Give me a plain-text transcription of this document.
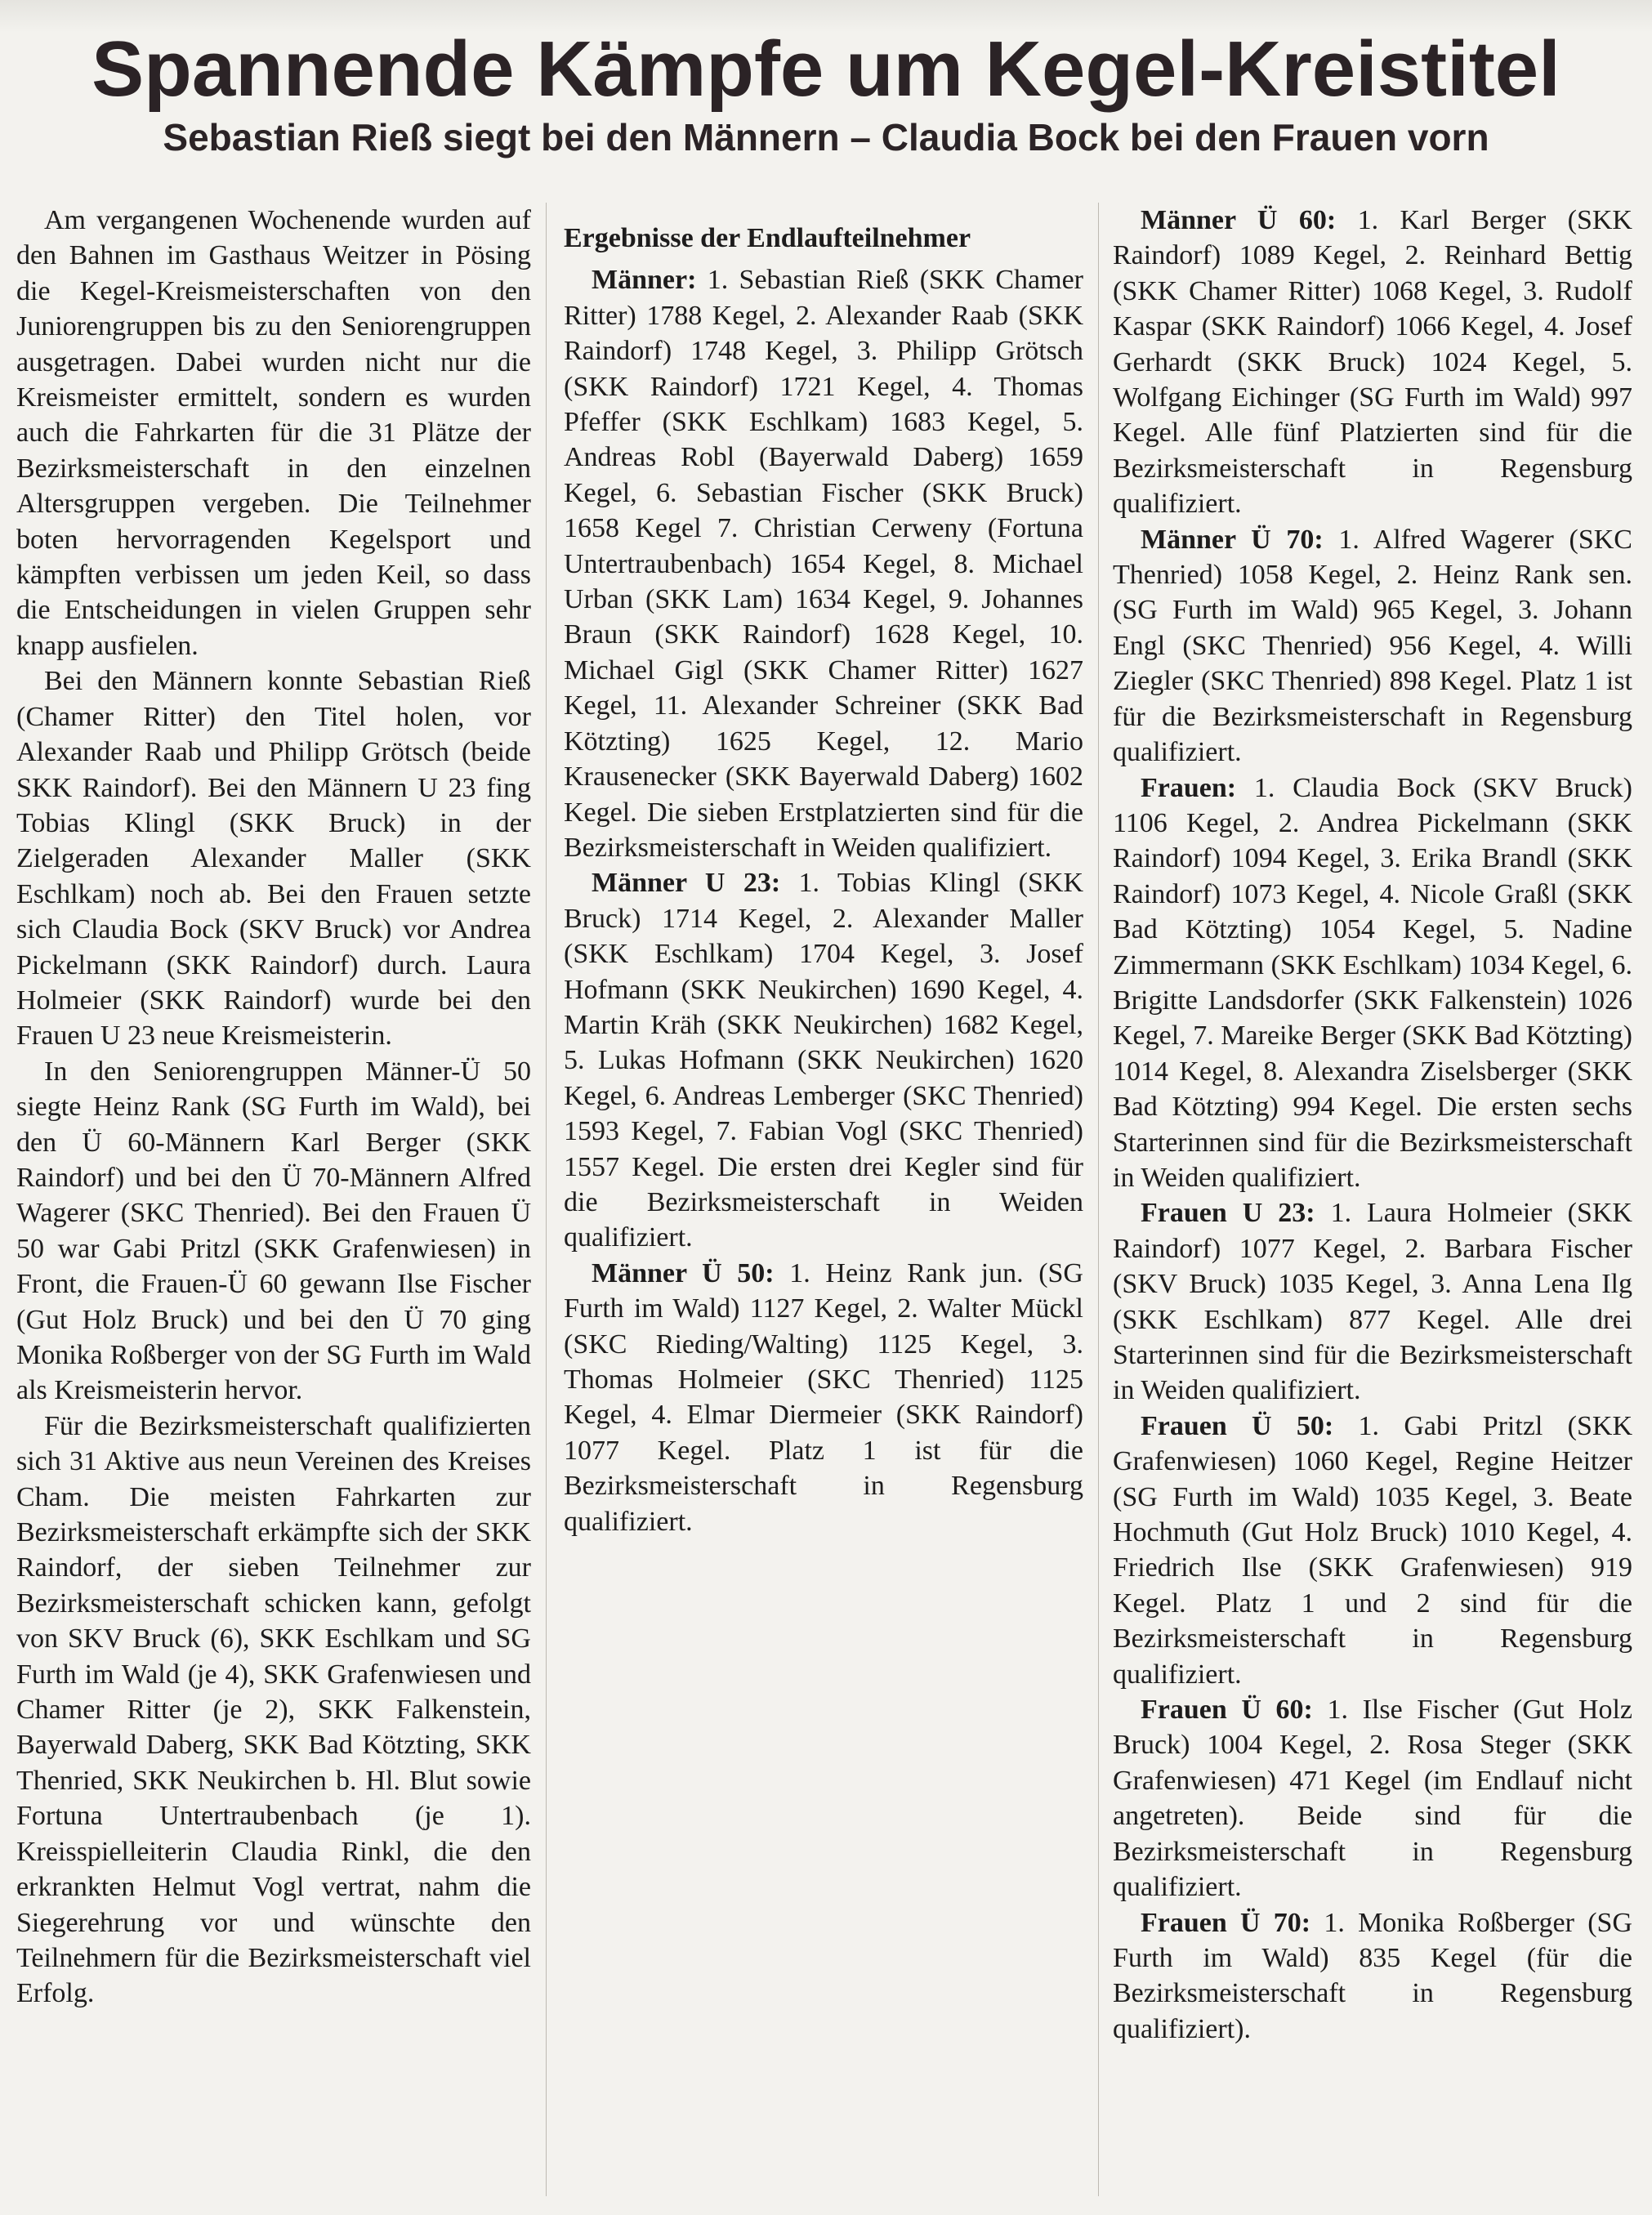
Spannende Kämpfe um Kegel-Kreistitel
Sebastian Rieß siegt bei den Männern – Claudia Bock bei den Frauen vorn

Am vergangenen Wochenende wurden auf den Bahnen im Gasthaus Weitzer in Pösing die Kegel-Kreismeisterschaften von den Juniorengruppen bis zu den Seniorengruppen ausgetragen. Dabei wurden nicht nur die Kreismeister ermittelt, sondern es wurden auch die Fahrkarten für die 31 Plätze der Bezirksmeisterschaft in den einzelnen Altersgruppen vergeben. Die Teilnehmer boten hervorragenden Kegelsport und kämpften verbissen um jeden Keil, so dass die Entscheidungen in vielen Gruppen sehr knapp ausfielen.

Bei den Männern konnte Sebastian Rieß (Chamer Ritter) den Titel holen, vor Alexander Raab und Philipp Grötsch (beide SKK Raindorf). Bei den Männern U 23 fing Tobias Klingl (SKK Bruck) in der Zielgeraden Alexander Maller (SKK Eschlkam) noch ab. Bei den Frauen setzte sich Claudia Bock (SKV Bruck) vor Andrea Pickelmann (SKK Raindorf) durch. Laura Holmeier (SKK Raindorf) wurde bei den Frauen U 23 neue Kreismeisterin.

In den Seniorengruppen Männer-Ü 50 siegte Heinz Rank (SG Furth im Wald), bei den Ü 60-Männern Karl Berger (SKK Raindorf) und bei den Ü 70-Männern Alfred Wagerer (SKC Thenried). Bei den Frauen Ü 50 war Gabi Pritzl (SKK Grafenwiesen) in Front, die Frauen-Ü 60 gewann Ilse Fischer (Gut Holz Bruck) und bei den Ü 70 ging Monika Roßberger von der SG Furth im Wald als Kreismeisterin hervor.

Für die Bezirksmeisterschaft qualifizierten sich 31 Aktive aus neun Vereinen des Kreises Cham. Die meisten Fahrkarten zur Bezirksmeisterschaft erkämpfte sich der SKK Raindorf, der sieben Teilnehmer zur Bezirksmeisterschaft schicken kann, gefolgt von SKV Bruck (6), SKK Eschlkam und SG Furth im Wald (je 4), SKK Grafenwiesen und Chamer Ritter (je 2), SKK Falkenstein, Bayerwald Daberg, SKK Bad Kötzting, SKK Thenried, SKK Neukirchen b. Hl. Blut sowie Fortuna Untertraubenbach (je 1). Kreisspielleiterin Claudia Rinkl, die den erkrankten Helmut Vogl vertrat, nahm die Siegerehrung vor und wünschte den Teilnehmern für die Bezirksmeisterschaft viel Erfolg.

Ergebnisse der Endlaufteilnehmer

Männer: 1. Sebastian Rieß (SKK Chamer Ritter) 1788 Kegel, 2. Alexander Raab (SKK Raindorf) 1748 Kegel, 3. Philipp Grötsch (SKK Raindorf) 1721 Kegel, 4. Thomas Pfeffer (SKK Eschlkam) 1683 Kegel, 5. Andreas Robl (Bayerwald Daberg) 1659 Kegel, 6. Sebastian Fischer (SKK Bruck) 1658 Kegel 7. Christian Cerweny (Fortuna Untertraubenbach) 1654 Kegel, 8. Michael Urban (SKK Lam) 1634 Kegel, 9. Johannes Braun (SKK Raindorf) 1628 Kegel, 10. Michael Gigl (SKK Chamer Ritter) 1627 Kegel, 11. Alexander Schreiner (SKK Bad Kötzting) 1625 Kegel, 12. Mario Krausenecker (SKK Bayerwald Daberg) 1602 Kegel. Die sieben Erstplatzierten sind für die Bezirksmeisterschaft in Weiden qualifiziert.

Männer U 23: 1. Tobias Klingl (SKK Bruck) 1714 Kegel, 2. Alexander Maller (SKK Eschlkam) 1704 Kegel, 3. Josef Hofmann (SKK Neukirchen) 1690 Kegel, 4. Martin Kräh (SKK Neukirchen) 1682 Kegel, 5. Lukas Hofmann (SKK Neukirchen) 1620 Kegel, 6. Andreas Lemberger (SKC Thenried) 1593 Kegel, 7. Fabian Vogl (SKC Thenried) 1557 Kegel. Die ersten drei Kegler sind für die Bezirksmeisterschaft in Weiden qualifiziert.

Männer Ü 50: 1. Heinz Rank jun. (SG Furth im Wald) 1127 Kegel, 2. Walter Mückl (SKC Rieding/Walting) 1125 Kegel, 3. Thomas Holmeier (SKC Thenried) 1125 Kegel, 4. Elmar Diermeier (SKK Raindorf) 1077 Kegel. Platz 1 ist für die Bezirksmeisterschaft in Regensburg qualifiziert.

Männer Ü 60: 1. Karl Berger (SKK Raindorf) 1089 Kegel, 2. Reinhard Bettig (SKK Chamer Ritter) 1068 Kegel, 3. Rudolf Kaspar (SKK Raindorf) 1066 Kegel, 4. Josef Gerhardt (SKK Bruck) 1024 Kegel, 5. Wolfgang Eichinger (SG Furth im Wald) 997 Kegel. Alle fünf Platzierten sind für die Bezirksmeisterschaft in Regensburg qualifiziert.

Männer Ü 70: 1. Alfred Wagerer (SKC Thenried) 1058 Kegel, 2. Heinz Rank sen. (SG Furth im Wald) 965 Kegel, 3. Johann Engl (SKC Thenried) 956 Kegel, 4. Willi Ziegler (SKC Thenried) 898 Kegel. Platz 1 ist für die Bezirksmeisterschaft in Regensburg qualifiziert.

Frauen: 1. Claudia Bock (SKV Bruck) 1106 Kegel, 2. Andrea Pickelmann (SKK Raindorf) 1094 Kegel, 3. Erika Brandl (SKK Raindorf) 1073 Kegel, 4. Nicole Graßl (SKK Bad Kötzting) 1054 Kegel, 5. Nadine Zimmermann (SKK Eschlkam) 1034 Kegel, 6. Brigitte Landsdorfer (SKK Falkenstein) 1026 Kegel, 7. Mareike Berger (SKK Bad Kötzting) 1014 Kegel, 8. Alexandra Ziselsberger (SKK Bad Kötzting) 994 Kegel. Die ersten sechs Starterinnen sind für die Bezirksmeisterschaft in Weiden qualifiziert.

Frauen U 23: 1. Laura Holmeier (SKK Raindorf) 1077 Kegel, 2. Barbara Fischer (SKV Bruck) 1035 Kegel, 3. Anna Lena Ilg (SKK Eschlkam) 877 Kegel. Alle drei Starterinnen sind für die Bezirksmeisterschaft in Weiden qualifiziert.

Frauen Ü 50: 1. Gabi Pritzl (SKK Grafenwiesen) 1060 Kegel, Regine Heitzer (SG Furth im Wald) 1035 Kegel, 3. Beate Hochmuth (Gut Holz Bruck) 1010 Kegel, 4. Friedrich Ilse (SKK Grafenwiesen) 919 Kegel. Platz 1 und 2 sind für die Bezirksmeisterschaft in Regensburg qualifiziert.

Frauen Ü 60: 1. Ilse Fischer (Gut Holz Bruck) 1004 Kegel, 2. Rosa Steger (SKK Grafenwiesen) 471 Kegel (im Endlauf nicht angetreten). Beide sind für die Bezirksmeisterschaft in Regensburg qualifiziert.

Frauen Ü 70: 1. Monika Roßberger (SG Furth im Wald) 835 Kegel (für die Bezirksmeisterschaft in Regensburg qualifiziert).
